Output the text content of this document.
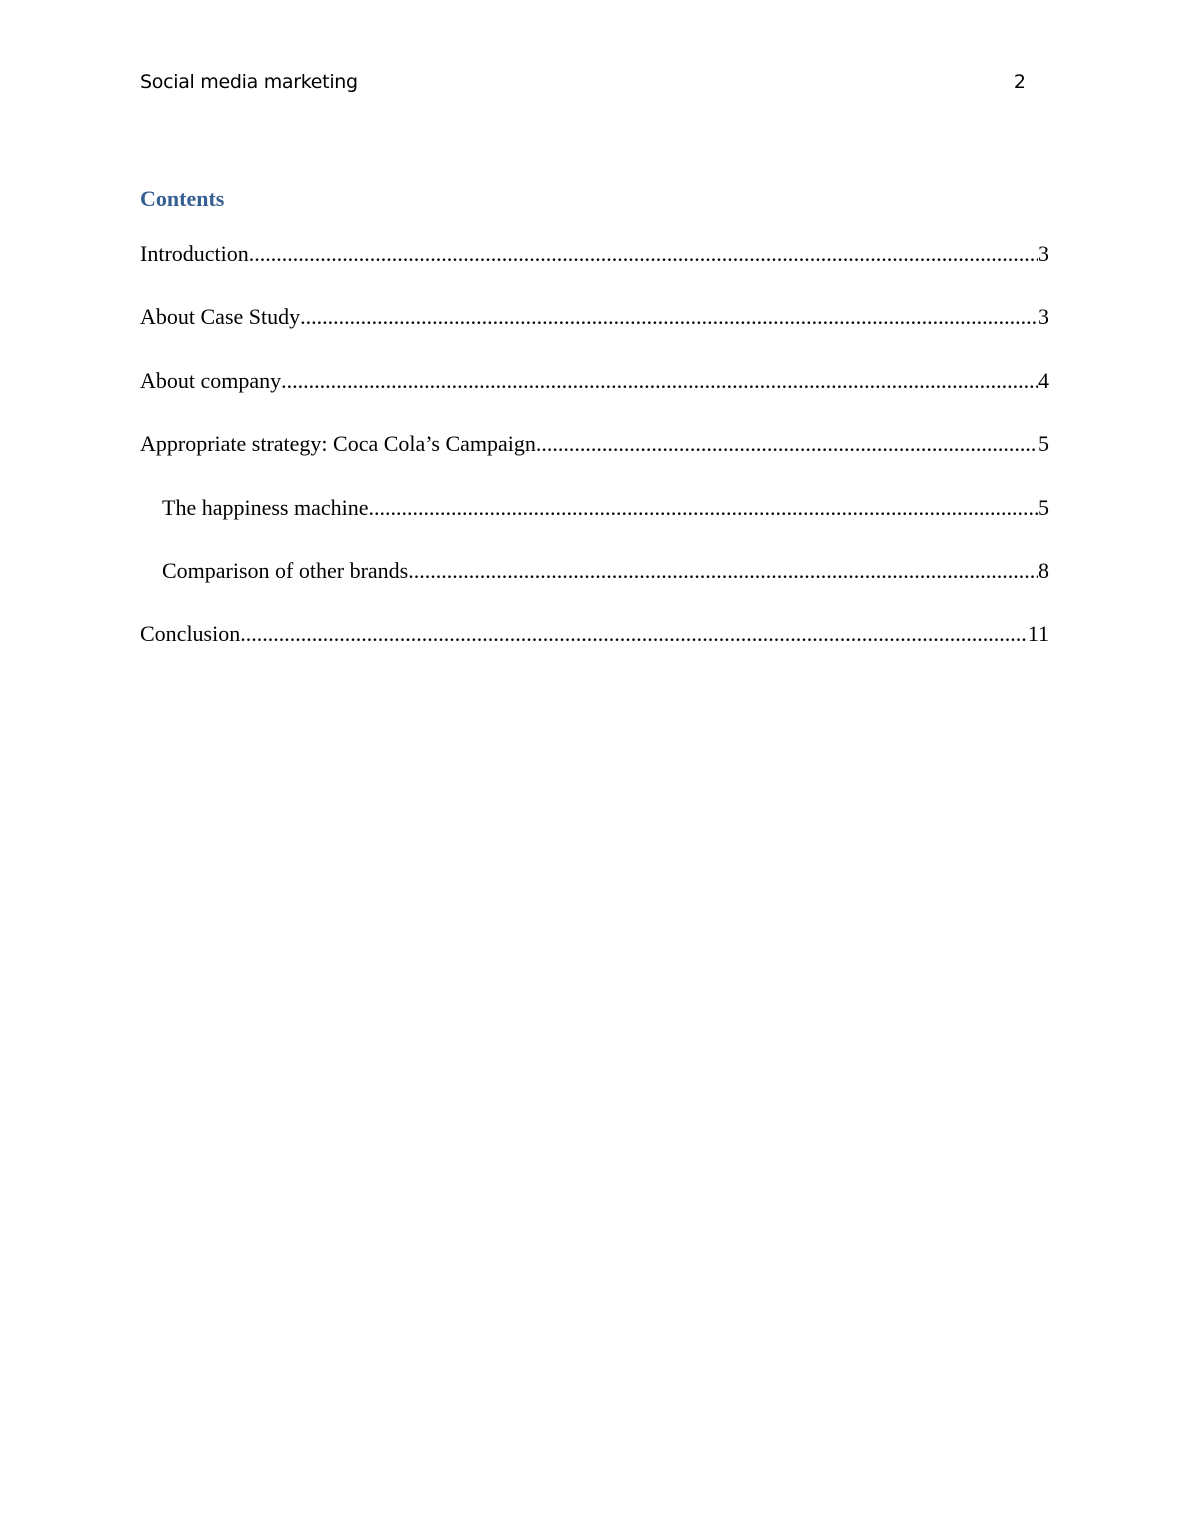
Social media marketing	2
Contents
Introduction .....	3
About Case Study .....	3
About company .....	4
Appropriate strategy: Coca Cola’s Campaign .....	5
The happiness machine .....	5
Comparison of other brands .....	8
Conclusion .....	11
